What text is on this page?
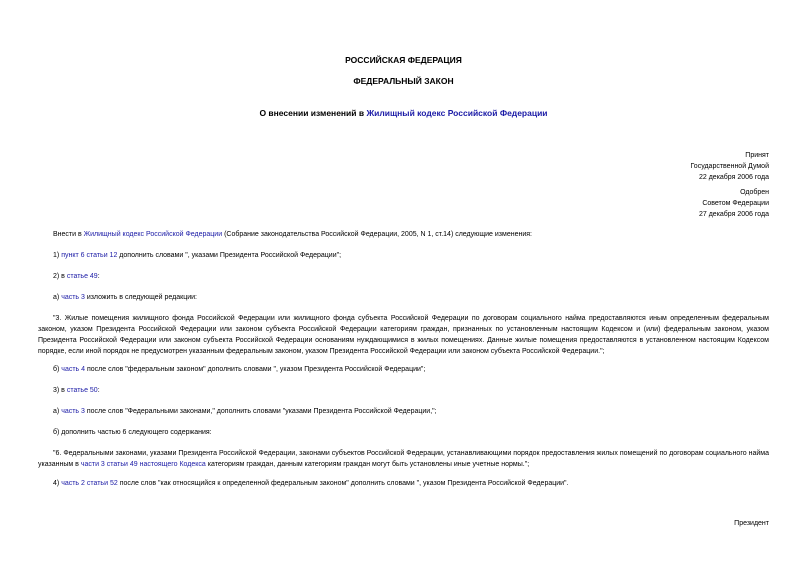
РОССИЙСКАЯ ФЕДЕРАЦИЯ
ФЕДЕРАЛЬНЫЙ ЗАКОН
О внесении изменений в Жилищный кодекс Российской Федерации
Принят
Государственной Думой
22 декабря 2006 года
Одобрен
Советом Федерации
27 декабря 2006 года
Внести в Жилищный кодекс Российской Федерации (Собрание законодательства Российской Федерации, 2005, N 1, ст.14) следующие изменения:
1) пункт 6 статьи 12 дополнить словами ", указами Президента Российской Федерации";
2) в статье 49:
а) часть 3 изложить в следующей редакции:
"3. Жилые помещения жилищного фонда Российской Федерации или жилищного фонда субъекта Российской Федерации по договорам социального найма предоставляются иным определенным федеральным законом, указом Президента Российской Федерации или законом субъекта Российской Федерации категориям граждан, признанных по установленным настоящим Кодексом и (или) федеральным законом, указом Президента Российской Федерации или законом субъекта Российской Федерации основаниям нуждающимися в жилых помещениях. Данные жилые помещения предоставляются в установленном настоящим Кодексом порядке, если иной порядок не предусмотрен указанным федеральным законом, указом Президента Российской Федерации или законом субъекта Российской Федерации.";
б) часть 4 после слов "федеральным законом" дополнить словами ", указом Президента Российской Федерации";
3) в статье 50:
а) часть 3 после слов "Федеральными законами," дополнить словами "указами Президента Российской Федерации,";
б) дополнить частью 6 следующего содержания:
"6. Федеральными законами, указами Президента Российской Федерации, законами субъектов Российской Федерации, устанавливающими порядок предоставления жилых помещений по договорам социального найма указанным в части 3 статьи 49 настоящего Кодекса категориям граждан, данным категориям граждан могут быть установлены иные учетные нормы.";
4) часть 2 статьи 52 после слов "как относящийся к определенной федеральным законом" дополнить словами ", указом Президента Российской Федерации".
Президент
